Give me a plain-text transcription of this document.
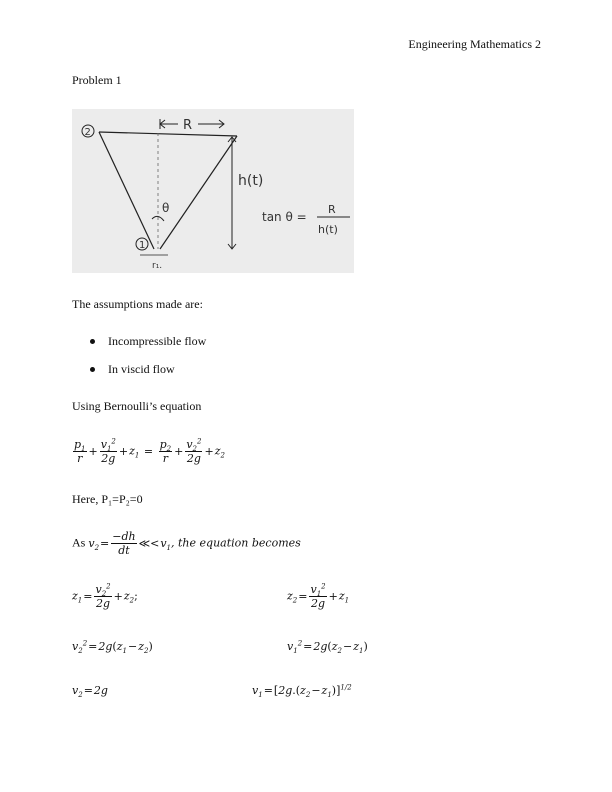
Engineering Mathematics 2
Problem 1
R
h(t)
2
1
θ
r₁.
tan θ =
R
h(t)
The assumptions made are:
Incompressible flow
In viscid flow
Using Bernoulli’s equation
$\frac{p_1}{r} + \frac{v_1^2}{2g} +z_1 = \frac{p_2}{r} + \frac{v_2^2}{2g} +z_2$
Here, P₁=P₂=0
As $v_2= \frac{-dh}{dt}$ $≪<v_1$, the equation becomes
$z_1= \frac{v_2^2}{2g} +z_2$;	$z_2= \frac{v_1^2}{2g} +z_1$
$v_2^2=2g(z_1-z_2)$	$v_1^2=2g(z_2-z_1)$
$v_2=2g$	$v_1=[2g.(z_2-z_1)]^{1/2}$
